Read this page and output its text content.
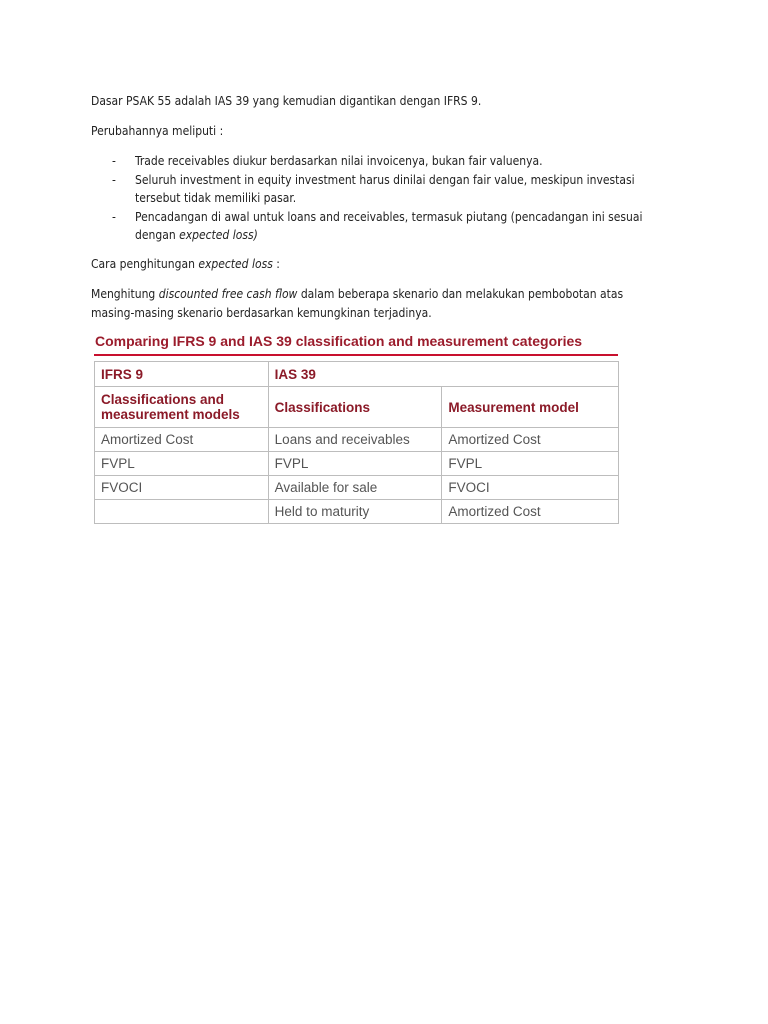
Dasar PSAK 55 adalah IAS 39 yang kemudian digantikan dengan IFRS 9.
Perubahannya meliputi :
- Trade receivables diukur berdasarkan nilai invoicenya, bukan fair valuenya.
- Seluruh investment in equity investment harus dinilai dengan fair value, meskipun investasi
tersebut tidak memiliki pasar.
- Pencadangan di awal untuk loans and receivables, termasuk piutang (pencadangan ini sesuai
dengan expected loss)
Cara penghitungan expected loss :
Menghitung discounted free cash flow dalam beberapa skenario dan melakukan pembobotan atas
masing-masing skenario berdasarkan kemungkinan terjadinya.
Comparing IFRS 9 and IAS 39 classification and measurement categories
IFRS 9	IAS 39	
Classifications and measurement models	Classifications	Measurement model
Amortized Cost	Loans and receivables	Amortized Cost
FVPL	FVPL	FVPL
FVOCI	Available for sale	FVOCI
	Held to maturity	Amortized Cost
